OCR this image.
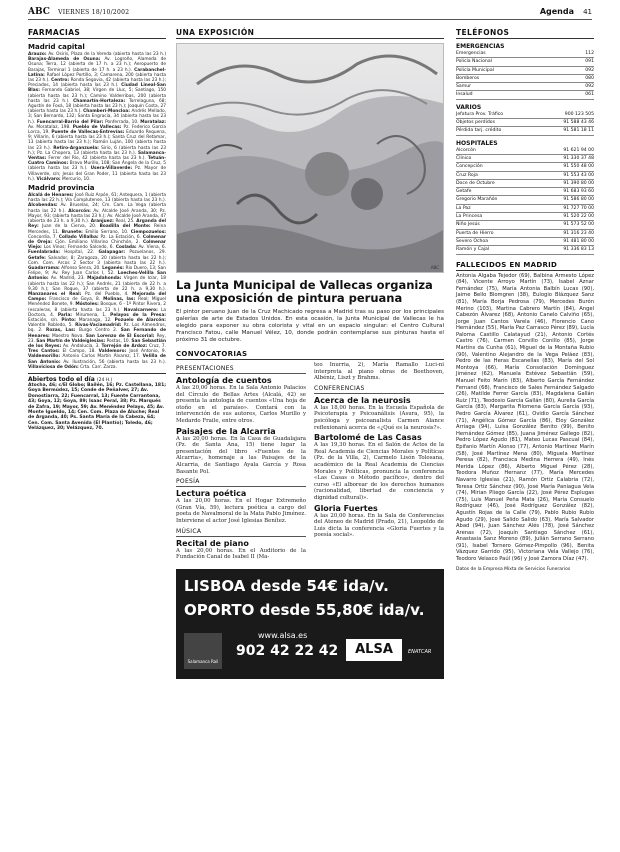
ABC VIERNES 18/10/2002	Agenda 41
FARMACIAS
Madrid capital
Arauzo: Av. Osiris, Plaza de la Vereda (abierta hasta las 23 h.) Barajas-Alameda de Osuna: Av. Logroño, Alameda de Osuna; Terra, 12 (abierta de 17 h. a 23 h.); Aeropuerto de Barajas, Terminal 1 (abierta de 17 h. a 23 h.). Carabanchel-Latina: Rafael López Portillo, 3; Camarena, 200 (abierta hasta las 23 h.). Centro: Ronda Segovia, 42 (abierta hasta las 23 h.); Preciados, 14 (abierta hasta las 23 h.). Ciudad Lineal-San Blas: Fernando Gabriel, 38; Virgen de Lluc, 5; Santiago, 150 (abierta hasta las 23 h.); Camino Valderribas, 200 (abierta hasta las 23 h.). Chamartín-Hortaleza: Torrelaguna, 68; Agustín de Foxá, 18 (abierta hasta las 23 h.); Joaquín Costa, 27 (abierta hasta las 23 h.). Chamberí-Moncloa: Andrés Mellado, 3; San Bernardo, 132; Santa Engracia, 34 (abierta hasta las 23 h.). Fuencarral-Barrio del Pilar: Ponferrada, 10. Moratalaz: Av. Moratalaz, 198. Pueblo de Vallecas: Pz. Federico García Lorca, 19. Puente de Vallecas-Entrevías: Eduardo Requena, 9; Villarín, 6 (abierta hasta las 23 h.); Santa Cruz del Retamar, 13 (abierta hasta las 23 h.); Ramón Luján, 100 (abierta hasta las 23 h.). Retiro-Arganzuela: Sirio, 6 (abierta hasta las 23 h.); Pz. La Chopera, 13 (abierta hasta las 23 h.). Salamanca-Ventas: Ferrer del Río, 42 (abierta hasta las 23 h.). Tetuán-Cuatro Caminos: Bravo Murillo, 108; San Ángela de la Cruz, 5 (abierta hasta las 23 h.). Usera-Villaverde: Pz. Mayor de Villaverde, s/n; Jesús del Gran Poder, 11 (abierta hasta las 23 h.). Vicálvaro: Mercurio, 10.
Madrid provincia
Alcalá de Henares: José Ruiz Arpón, 61; Antequera, 1 (abierta hasta las 22 h.); Vía Complutense, 13 (abierta hasta las 23 h.). Alcobendas: Av. Bruselas, 24; Cm. Cam. La Vega (abierta hasta las 22 h.). Alcorcón: Av. Alcalde José Aranda, 30; Pz. Mayor, 93; (abierta hasta las 23 h.); Av. Alcalde José Aranda, 47 (abierta de 23 h. a 9,30 h.). Aranjuez: Real, 25. Arganda del Rey: Juan de la Cierva, 20. Boadilla del Monte: Reina Mercedes, 11. Brunete: Emilio Serrano, 10. Ciempozuelos: Concordia, 7. Collado Villalba: Pz. La Estación, 6. Colmenar de Oreja: Cjón. Emiliano Villarino Chinchón, 2. Colmenar Viejo: Los Vinos; Fernando Salcedo, 6. Coslada: Av. Viena, 6. Fuenlabrada: Hospital, 22. Galapagar: Pozuelanos, 29. Getafe: Salvador, 8; Zaragoza, 20 (abierta hasta las 22 h.); Com. Com. Arcos 2 Sector 3 (abierta hasta las 22 h.). Guadarrama: Alfonso Senra, 20. Leganés: Río Duero, 13; San Felipe, 9; Av. Rey Juan Carlos I, 52. Loeches-Velilla San Antonio: Av. Madrid, 23. Majadahonda: Virgen de Icíar, 18 (abierta hasta las 22 h.); San Andrés, 21 (abierta de 22 h. a 9,30 h.); San Roque, 37 (abierta de 22 h. a 9,30 h.). Manzanares el Real: Pz. del Pueblo, 4. Mejorada del Campo: Francisco de Goya, 8. Molinas, las: Real; Miguel Menéndez Bonete, 9. Móstoles: Bosque, 6 - 1º Pintor Rivera, 2 (escaleras, 8 (abierta hasta las 23 h.). Navalcarnero: La Doctora, 4. Parla: Mirumena, 1. Pelayos de la Presa: Estación, s/n. Pinto: Maranaga, 12. Pozuelo de Alarcón: Valentín Robledo, 5. Rivas-Vaciamadrid: Pz. Los Almendros, bq. 2. Rozas, Las: Burgo Centro 2. San Fernando de Henares: Maestro Nova. San Lorenzo de El Escorial: Rey, 23. San Martín de Valdeiglesias: Postas, 10. San Sebastián de los Reyes: Av. Andalucía, 3. Torrejón de Ardoz: Cruz, 7. Tres Cantos: El Campo, 18. Valdemoro: José Antonio, 9. Valdemorillo: Antonio Carlos Martín Álvarez, 17. Velilla de San Antonio: Av. Ilustración, 56 (abierta hasta las 23 h.). Villaviciosa de Odón: Crta. Carr. Zarza.
Abiertos todo el día (24 H.)
Atocha, 46; c/El Globo; Bailén, 16; Pz. Castellana, 181; Goya Bermúdez, 15; Conde de Peñalver, 27; Av. Donostiarra, 22; Fuencarral, 13; Fuente Carrantona, 43; Goya, 12; Goya, 89; Isaac Peral, 38; Pz. Marqués de Zafra, 19; Mayor, 59; Av. Menéndez Pelayo, 45; Av. Monte Igueldo, 14; Cen. Com. Plaza de Aluche; Real de Arganda, 40; Ps. Santa María de la Cabeza, 64; Cen. Com. Santa Avenida (El Plantío); Toledo, 46; Velázquez, 30; Velázquez, 70.
UNA EXPOSICIÓN
ABC
La Junta Municipal de Vallecas organiza una exposición de pintura peruana
El pintor peruano Juan de la Cruz Machicado regresa a Madrid tras su paso por los principales galerías de arte de Estados Unidos. En esta ocasión, la Junta Municipal de Vallecas le ha elegido para exponer su obra colorista y vital en un espacio singular: el Centro Cultural Francisco Fatou, calle Manuel Vélez, 10, donde podrán contemplarse sus pinturas hasta el próximo 31 de octubre.
CONVOCATORIAS
PRESENTACIONES
Antología de cuentos
A las 20,00 horas. En la Sala Antonio Palacios del Círculo de Bellas Artes (Alcalá, 42) se presenta la antología de cuentos «Una hoja de otoño en el paraíso». Contará con la intervención de sus autores, Carlos Murillo y Medardo Fraile, entre otros.
Paisajes de la Alcarria
A las 20,00 horas. En la Casa de Guadalajara (Pz. de Santa Ana, 15) tiene lugar la presentación del libro «Fuentes de la Alcarria», homenaje a las Paisajes de la Alcarria, de Santiago Ayala García y Rosa Basante Pol.
POESÍA
Lectura poética
A las 20,00 horas. En el Hogar Extremeño (Gran Vía, 59), lectura poética a cargo del poeta de Navalmoral de la Mata Pablo Jiménez. Interviene el actor José Iglesias Benítez.
MÚSICA
Recital de piano
A las 20,00 horas. En el Auditorio de la Fundación Canal de Isabel II (Ma-
teo Inurria, 2), María Ramallo Luci-ni interpreta al piano obras de Beethoven, Albéniz, Liszt y Brahms.
CONFERENCIAS
Acerca de la neurosis
A las 18,00 horas. En la Escuela Española de Psicoterapia y Psicoanálisis (Asura, 95), la psicóloga y psicoanalista Carmen Alance reflexionará acerca de «¿Qué es la neurosis?».
Bartolomé de Las Casas
A las 19,30 horas. En el Salón de Actos de la Real Academia de Ciencias Morales y Políticas (Pz. de la Villa, 2), Carmelo Lisón Tolosana, académico de la Real Academia de Ciencias Morales y Políticas, pronuncia la conferencia «Las Casas o Método pacífico», dentro del curso «El alborear de los derechos humanos (racionalidad, libertad de conciencia y dignidad cultural)».
Gloria Fuertes
A las 20,00 horas. En la Sala de Conferencias del Ateneo de Madrid (Prado, 21), Leopoldo de Luis dicta la conferencia «Gloria Fuertes y la poesía social».
LISBOA desde 54€ ida/v.
OPORTO desde 55,80€ ida/v.
Salamanca Rail
www.alsa.es
902 42 22 42	ALSA	ENATCAR
TELÉFONOS
EMERGENCIAS
Emergencias	112
Policía Nacional	091
Policía Municipal	092
Bomberos	080
Samur	092
Insalud	061
VARIOS
Jefatura Prov. Tráfico	900 123 505
Objetos perdidos	91 588 43 46
Pérdida tarj. crédito	91 581 18 11
HOSPITALES
Alcorcón	91 621 94 00
Clínico	91 330 37 48
Concepción	91 550 48 00
Cruz Roja	91 553 43 00
Doce de Octubre	91 390 80 00
Getafe	91 683 93 60
Gregorio Marañón	91 586 80 00
La Paz	91 727 70 00
La Princesa	91 520 22 00
Niño Jesús	91 573 52 00
Puerta de Hierro	91 316 23 40
Severo Ochoa	91 481 80 00
Ramón y Cajal	91 336 83 13
FALLECIDOS EN MADRID
Antonia Algaba Tejedor (69), Balbina Armesto López (84), Vicente Arroyo Martín (73), Isabel Aznar Fernández (75), María Antonia Balbín Lucas (90), Jaime Bello Blomgren (38), Eulogio Blázquez Sanz (81), María Borja Pedrosa (79), Mercedes Burón Merino (103), Martina Cabrero Martín (84), Angel Cabezón Álvarez (68), Antonio Canelo Calviño (65), Jorge Juan Cantos Varela (46), Florencio Cano Hernández (55), María Paz Carrasco Pérez (89), Lucía Paloma Castillo Calatayud (21), Antonio Cortés Castro (76), Carmen Corvillo Conillo (85), Jorge Martíns da Cunha (61), Miguel de la Montaña Rubio (90), Valentino Alejandro de la Vega Peláez (83), Pedro de las Heras Escanellas (83), María del Sol Montoya (66), María Consolación Domínguez Jiménez (62), Manuela Estévez Sebastián (59), Manuel Feito Marín (83), Alberto García Fernández Fernand (68), Francisco de Sales Fernández Salgado (26), Matilde Ferrer García (83), Magdalena Gallán Ruiz (71), Teodosio García Gallán (80), Aurelia García García (83), Margarita Filomena García García (93), Pedro García Álvarez (61), Ovidio García Sánchez (71), Angélica Gómez García (86), Eloy González Arriaga (94), Luisa González Benito (99), Benito Hernández Gómez (85), Juana Jiménez Gallego (82), Pedro López Agudo (81), Mateo Lucas Pascual (84), Epifanio Martín Alonso (77), Antonio Martínez Marín (58), José Martínez Mena (80), Miguela Martínez Peresa (82), Francisca Medina Herrera (49), Inés Merida López (86), Alberto Miguel Pérez (28), Teodora Muñoz Hernanz (77), María Mercedes Navarro Iglesias (21), Ramón Ortiz Calabria (72), Teresa Ortiz Sánchez (90), José María Paniagua Vela (74), Mirian Pliego García (22), José Pérez Esplugas (75), Luis Manuel Peña Mata (26), María Consuelo Rodríguez (46), José Rodríguez González (82), Agustín Rojas de la Calle (79), Pablo Rubio Rubio Agudo (29), José Salido Salido (63), María Salvador Abad (94), Juan Sánchez Alés (78), José Sánchez Arenas (72), Joaquín Santiago Sánchez (61), Anastasia Sanz Moreno (89), Julián Serrano Serrano (91), Isabel Tornero Gómez-Pimpollo (96), Benita Vázquez Garrido (95), Victoriana Vela Vallejo (76), Teodoro Velasco Paúl (96) y José Zamora Díaz (47).
Datos de la Empresa Mixta de Servicios Funerarios
